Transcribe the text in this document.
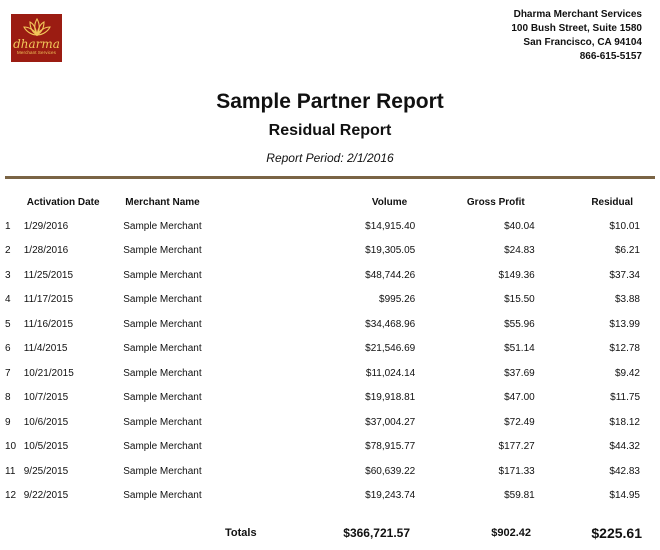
dharma
Merchant Services
Dharma Merchant Services
100 Bush Street, Suite 1580
San Francisco, CA 94104
866-615-5157
Sample Partner Report
Residual Report
Report Period: 2/1/2016
	Activation Date	Merchant Name	Volume	Gross Profit	Residual
1	1/29/2016	Sample Merchant	$14,915.40	$40.04	$10.01
2	1/28/2016	Sample Merchant	$19,305.05	$24.83	$6.21
3	11/25/2015	Sample Merchant	$48,744.26	$149.36	$37.34
4	11/17/2015	Sample Merchant	$995.26	$15.50	$3.88
5	11/16/2015	Sample Merchant	$34,468.96	$55.96	$13.99
6	11/4/2015	Sample Merchant	$21,546.69	$51.14	$12.78
7	10/21/2015	Sample Merchant	$11,024.14	$37.69	$9.42
8	10/7/2015	Sample Merchant	$19,918.81	$47.00	$11.75
9	10/6/2015	Sample Merchant	$37,004.27	$72.49	$18.12
10	10/5/2015	Sample Merchant	$78,915.77	$177.27	$44.32
11	9/25/2015	Sample Merchant	$60,639.22	$171.33	$42.83
12	9/22/2015	Sample Merchant	$19,243.74	$59.81	$14.95
Totals	$366,721.57	$902.42	$225.61
